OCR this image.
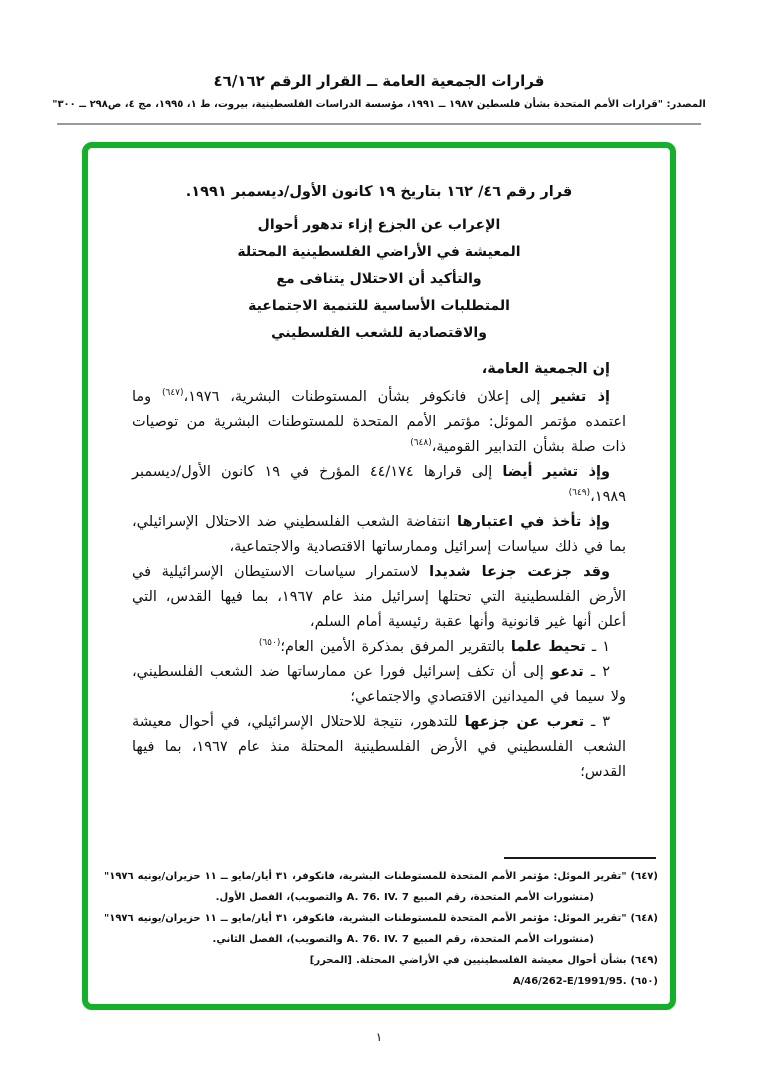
قرارات الجمعية العامة ــ القرار الرقم ٤٦/١٦٢
المصدر: "قرارات الأمم المتحدة بشأن فلسطين ١٩٨٧ ــ ١٩٩١، مؤسسة الدراسات الفلسطينية، بيروت، ط ١، ١٩٩٥، مج ٤، ص٢٩٨ ــ ٣٠٠"
قرار رقم ٤٦/ ١٦٢ بتاريخ ١٩ كانون الأول/ديسمبر ١٩٩١.
الإعراب عن الجزع إزاء تدهور أحوال
المعيشة في الأراضي الفلسطينية المحتلة
والتأكيد أن الاحتلال يتنافى مع
المتطلبات الأساسية للتنمية الاجتماعية
والاقتصادية للشعب الفلسطيني
إن الجمعية العامة،

إذ تشير إلى إعلان فانكوفر بشأن المستوطنات البشرية، ١٩٧٦،$^{(٦٤٧)}$ وما اعتمده مؤتمر الموئل: مؤتمر الأمم المتحدة للمستوطنات البشرية من توصيات ذات صلة بشأن التدابير القومية،$^{(٦٤٨)}$

وإذ تشير أيضا إلى قرارها ٤٤/١٧٤ المؤرخ في ١٩ كانون الأول/ديسمبر ١٩٨٩،$^{(٦٤٩)}$

وإذ تأخذ في اعتبارها انتفاضة الشعب الفلسطيني ضد الاحتلال الإسرائيلي، بما في ذلك سياسات إسرائيل وممارساتها الاقتصادية والاجتماعية،

وقد جزعت جزعا شديدا لاستمرار سياسات الاستيطان الإسرائيلية في الأرض الفلسطينية التي تحتلها إسرائيل منذ عام ١٩٦٧، بما فيها القدس، التي أعلن أنها غير قانونية وأنها عقبة رئيسية أمام السلم،

١ ـ تحيط علما بالتقرير المرفق بمذكرة الأمين العام؛$^{(٦٥٠)}$

٢ ـ تدعو إلى أن تكف إسرائيل فورا عن ممارساتها ضد الشعب الفلسطيني، ولا سيما في الميدانين الاقتصادي والاجتماعي؛

٣ ـ تعرب عن جزعها للتدهور، نتيجة للاحتلال الإسرائيلي، في أحوال معيشة الشعب الفلسطيني في الأرض الفلسطينية المحتلة منذ عام ١٩٦٧، بما فيها القدس؛

(٦٤٧) "تقرير الموئل: مؤتمر الأمم المتحدة للمستوطنات البشرية، فانكوفر، ٣١ أيار/مايو ــ ١١ حزيران/يونيه ١٩٧٦" (منشورات الأمم المتحدة، رقم المبيع A. 76. IV. 7 والتصويب)، الفصل الأول.
(٦٤٨) "تقرير الموئل: مؤتمر الأمم المتحدة للمستوطنات البشرية، فانكوفر، ٣١ أيار/مايو ــ ١١ حزيران/يونيه ١٩٧٦" (منشورات الأمم المتحدة، رقم المبيع A. 76. IV. 7 والتصويب)، الفصل الثاني.
(٦٤٩) بشأن أحوال معيشة الفلسطينيين في الأراضي المحتلة. [المحرر]
(٦٥٠) A/46/262-E/1991/95.
١
